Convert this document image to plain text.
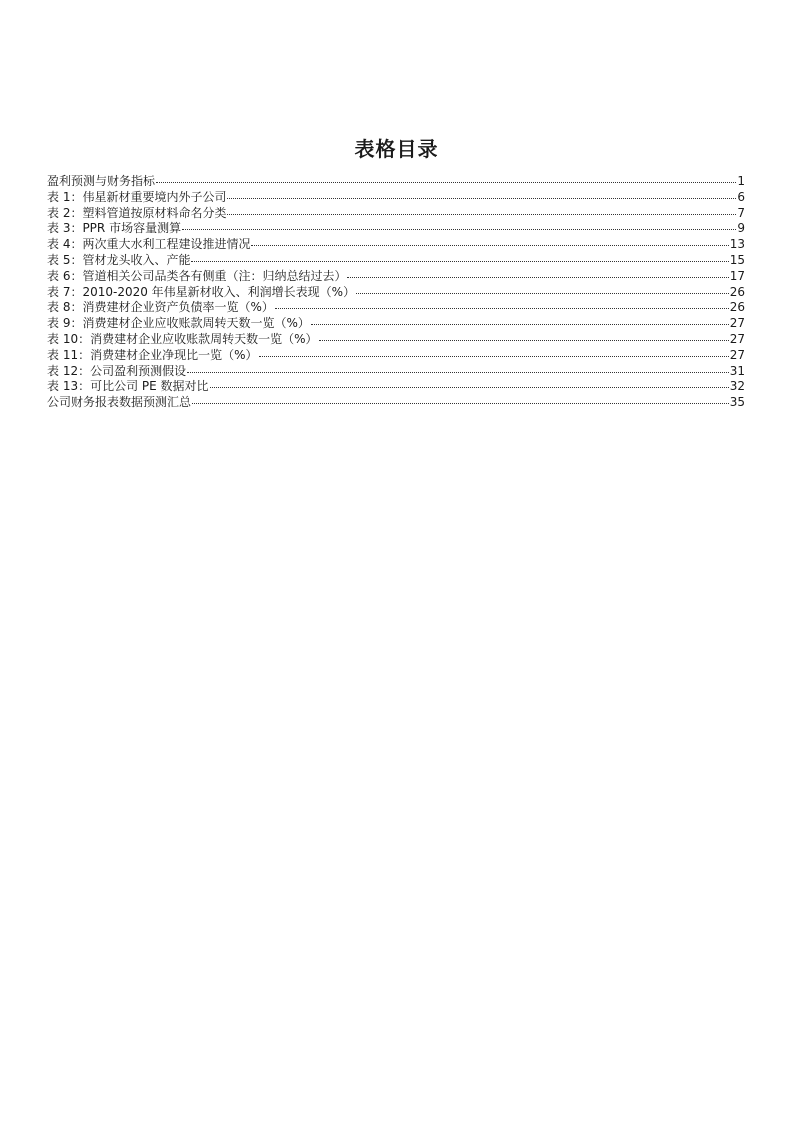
表格目录
盈利预测与财务指标	1
表 1：伟星新材重要境内外子公司	6
表 2：塑料管道按原材料命名分类	7
表 3：PPR 市场容量测算	9
表 4：两次重大水利工程建设推进情况	13
表 5：管材龙头收入、产能	15
表 6：管道相关公司品类各有侧重（注：归纳总结过去）	17
表 7：2010-2020 年伟星新材收入、利润增长表现（%）	26
表 8：消费建材企业资产负债率一览（%）	26
表 9：消费建材企业应收账款周转天数一览（%）	27
表 10：消费建材企业应收账款周转天数一览（%）	27
表 11：消费建材企业净现比一览（%）	27
表 12：公司盈利预测假设	31
表 13：可比公司 PE 数据对比	32
公司财务报表数据预测汇总	35
